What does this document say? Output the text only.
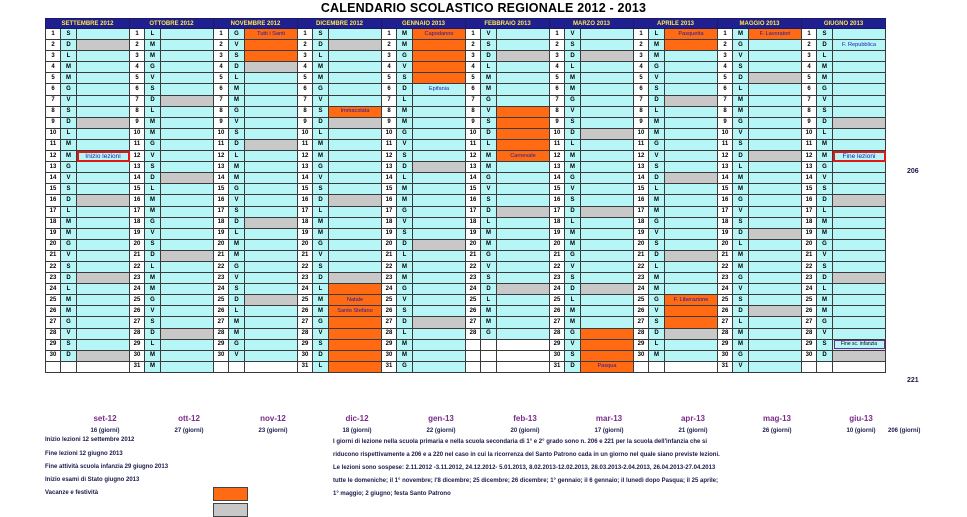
CALENDARIO SCOLASTICO REGIONALE 2012 - 2013
SETTEMBRE 2012			OTTOBRE 2012			NOVEMBRE 2012			DICEMBRE 2012			GENNAIO 2013			FEBBRAIO 2013			MARZO 2013			APRILE 2013			MAGGIO 2013			GIUGNO 2013		
1	S		1	L		1	G	Tutti i Santi	1	S		1	M	Capodanno	1	V		1	V		1	L	Pasquetta	1	M	F. Lavoratori	1	S	
2	D		2	M		2	V		2	D		2	M		2	S		2	S		2	M		2	G		2	D	F. Repubblica
3	L		3	M		3	S		3	L		3	G		3	D		3	D		3	M		3	V		3	L	
4	M		4	G		4	D		4	M		4	V		4	L		4	L		4	G		4	S		4	M	
5	M		5	V		5	L		5	M		5	S		5	M		5	M		5	V		5	D		5	M	
6	G		6	S		6	M		6	G		6	D	Epifania	6	M		6	M		6	S		6	L		6	G	
7	V		7	D		7	M		7	V		7	L		7	G		7	G		7	D		7	M		7	V	
8	S		8	L		8	G		8	S	Immacolata	8	M		8	V		8	V		8	L		8	M		8	S	
9	D		9	M		9	V		9	D		9	M		9	S		9	S		9	M		9	G		9	D	
10	L		10	M		10	S		10	L		10	G		10	D		10	D		10	M		10	V		10	L	
11	M		11	G		11	D		11	M		11	V		11	L		11	L		11	G		11	S		11	M	
12	M	Inizio lezioni	12	V		12	L		12	M		12	S		12	M	Carnevale	12	M		12	V		12	D		12	M	Fine lezioni
13	G		13	S		13	M		13	G		13	D		13	M		13	M		13	S		13	L		13	G	
14	V		14	D		14	M		14	V		14	L		14	G		14	G		14	D		14	M		14	V	
15	S		15	L		15	G		15	S		15	M		15	V		15	V		15	L		15	M		15	S	
16	D		16	M		16	V		16	D		16	M		16	S		16	S		16	M		16	G		16	D	
17	L		17	M		17	S		17	L		17	G		17	D		17	D		17	M		17	V		17	L	
18	M		18	G		18	D		18	M		18	V		18	L		18	L		18	G		18	S		18	M	
19	M		19	V		19	L		19	M		19	S		19	M		19	M		19	V		19	D		19	M	
20	G		20	S		20	M		20	G		20	D		20	M		20	M		20	S		20	L		20	G	
21	V		21	D		21	M		21	V		21	L		21	G		21	G		21	D		21	M		21	V	
22	S		22	L		22	G		22	S		22	M		22	V		22	V		22	L		22	M		22	S	
23	D		23	M		23	V		23	D		23	M		23	S		23	S		23	M		23	G		23	D	
24	L		24	M		24	S		24	L		24	G		24	D		24	D		24	M		24	V		24	L	
25	M		25	G		25	D		25	M	Natale	25	V		25	L		25	L		25	G	F. Liberazione	25	S		25	M	
26	M		26	V		26	L		26	M	Santo Stefano	26	S		26	M		26	M		26	V		26	D		26	M	
27	G		27	S		27	M		27	G		27	D		27	M		27	M		27	S		27	L		27	G	
28	V		28	D		28	M		28	V		28	L		28	G		28	G		28	D		28	M		28	V	
29	S		29	L		29	G		29	S		29	M					29	V		29	L		29	M		29	S	Fine sc. infanzia
30	D		30	M		30	V		30	D		30	M					30	S		30	M		30	G		30	D	
			31	M					31	L		31	G					31	D	Pasqua				31	V				
206
221
set-12
16 (giorni)
ott-12
27 (giorni)
nov-12
23 (giorni)
dic-12
18 (giorni)
gen-13
22 (giorni)
feb-13
20 (giorni)
mar-13
17 (giorni)
apr-13
21 (giorni)
mag-13
26 (giorni)
giu-13
10 (giorni)	206 (giorni)
Inizio lezioni 12 settembre 2012
Fine lezioni 12 giugno 2013
Fine attività scuola infanzia 29 giugno 2013
Inizio esami di Stato giugno 2013
Vacanze e festività
I giorni di lezione nella scuola primaria e nella scuola secondaria di 1° e 2° grado sono n. 206 e 221 per la scuola dell'infanzia che si
riducono rispettivamente a 206 e a 220 nel caso in cui la ricorrenza del Santo Patrono cada in un giorno nel quale siano previste lezioni.
Le lezioni sono sospese: 2.11.2012 -3.11.2012, 24.12.2012- 5.01.2013, 8.02.2013-12.02.2013, 28.03.2013-2.04.2013, 26.04.2013-27.04.2013
tutte le domeniche; il 1° novembre; l'8 dicembre; 25 dicembre; 26 dicembre; 1° gennaio; il 6 gennaio; il lunedì dopo Pasqua; il 25 aprile;
1° maggio; 2 giugno; festa Santo Patrono
